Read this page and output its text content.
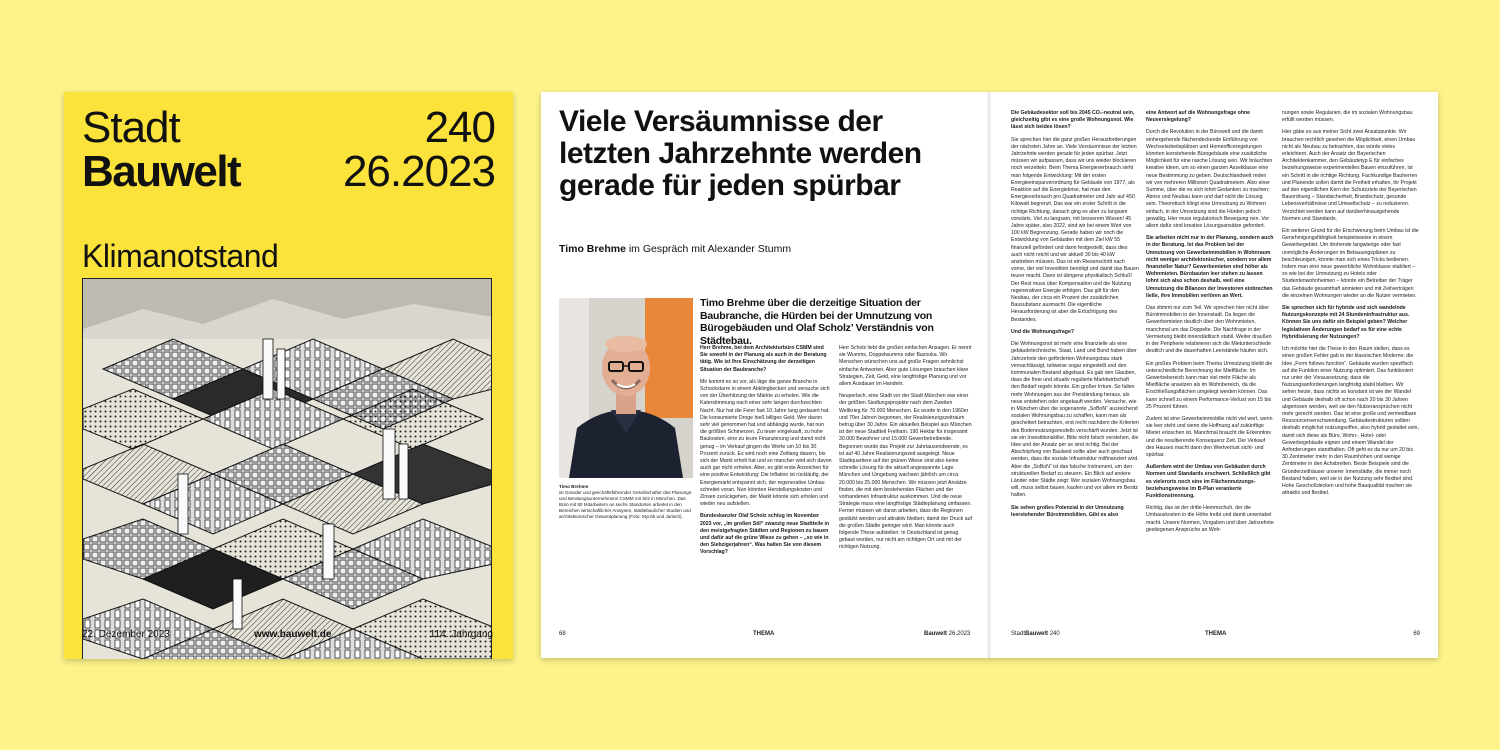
Stadt
Bauwelt
240
26.2023
Klimanotstand
22. Dezember 2023	www.bauwelt.de	114. Jahrgang
Viele Versäumnisse der letzten Jahrzehnte werden gerade für jeden spürbar
Timo Brehme im Gespräch mit Alexander Stumm
Timo Brehme
ist Gründer und geschäftsführender Gesellschafter des Planungs- und Beratungsunternehmens CSMM mit Sitz in München. Das Büro mit 80 Mitarbeitern an sechs Standorten arbeitet in den Bereichen wirtschaftlicher Analysen, städtebaulicher Studien und architektonischer Gesamtplanung (Foto: Myrzik und Jarisch).
Timo Brehme über die derzeitige Situation der Baubranche, die Hürden bei der Umnutzung von Bürogebäuden und Olaf Scholz’ Verständnis von Städtebau.

Herr Brehme, bei dem Architekturbüro CSMM sind Sie sowohl in der Planung als auch in der Beratung tätig. Wie ist Ihre Einschätzung der derzeitigen Situation der Baubranche?

Mir kommt es so vor, als läge die ganze Branche in Schockstarre in einem Abklingbecken und versuche sich von der Überhitzung der Märkte zu erholen. Wie die Katerstimmung nach einer sehr langen durchzechten Nacht. Nur hat die Feier fast 10 Jahre lang gedauert hat. Die konsumierte Droge hieß billiges Geld. Wer davon sehr viel genommen hat und abhängig wurde, hat nun die größten Schmerzen. Zu teuer eingekauft, zu hohe Baukosten, eine zu teure Finanzierung und damit nicht genug – im Verkauf gingen die Werte um 10 bis 30 Prozent zurück. Es wird noch eine Zeitlang dauern, bis sich der Markt erholt hat und so mancher wird sich davon auch gar nicht erholen. Aber, es gibt erste Anzeichen für eine positive Entwicklung: Die Inflation ist rückläufig, der Energiemarkt entspannt sich, der regenerative Umbau schreitet voran. Nun könnten Herstellungskosten und Zinsen zurückgehen, der Markt könnte sich erholen und wieder neu aufstellen.

Bundeskanzler Olaf Scholz schlug im November 2023 vor, „im großen Stil“ zwanzig neue Stadtteile in den meistgefragten Städten und Regionen zu bauen und dafür auf die grüne Wiese zu gehen – „so wie in den Siebzigerjahren“. Was halten Sie von diesem Vorschlag?

Herr Scholz liebt die großen einfachen Ansagen. Er nennt sie Wumms, Doppelwumms oder Bazooka. Wir Menschen wünschen uns auf große Fragen sehnlichst einfache Antworten. Aber gute Lösungen brauchen klare Strategien, Zeit, Geld, eine langfristige Planung und vor allem Ausdauer im Handeln.

Neuperlach, eine Stadt vor der Stadt München war einer der größten Siedlungsprojekte nach dem Zweiten Weltkrieg für 70.000 Menschen. Es wurde in den 1960er und 70er Jahren begonnen, der Realisierungszeitraum betrug über 30 Jahre. Ein aktuelles Beispiel aus München ist der neue Stadtteil Freiham. 190 Hektar für insgesamt 30.000 Bewohner und 15.000 Gewerbetreibende. Begonnen wurde das Projekt zur Jahrtausendwende, es ist auf 40 Jahre Realisierungszeit ausgelegt. Neue Stadtquartiere auf der grünen Wiese sind also keine schnelle Lösung für die aktuell angespannte Lage. München und Umgebung wachsen jährlich um circa 20.000 bis 25.000 Menschen. Wir müssen jetzt Ansätze finden, die mit dem bestehenden Flächen und der vorhandenen Infrastruktur auskommen. Und die neue Strategie muss eine langfristige Städteplanung umfassen. Ferner müssen wir daran arbeiten, dass die Regionen gestärkt werden und attraktiv bleiben, damit der Druck auf die großen Städte geringer wird. Man könnte auch folgende These aufstellen: In Deutschland ist genug gebaut worden, nur nicht am richtigen Ort und mit der richtigen Nutzung.

Die Gebäudesektor soll bis 2045 CO₂-neutral sein, gleichzeitig gibt es eine große Wohnungsnot. Wie lässt sich beides lösen?

Sie sprechen hier die ganz großen Herausforderungen der nächsten Jahre an. Viele Versäumnisse der letzten Jahrzehnte werden gerade für jeden spürbar. Jetzt müssen wir aufpassen, dass wir uns wieder blockieren noch verzetteln. Beim Thema Energieverbrauch sieht man folgende Entwicklung: Mit der ersten Energieeinsparverordnung für Gebäude von 1977, als Reaktion auf die Energiekrise, hat man den Energieverbrauch pro Quadratmeter und Jahr auf 450 Kilowatt begrenzt. Das war ein erster Schritt in die richtige Richtung, danach ging es aber zu langsam vorwärts. Viel zu langsam, mit besserem Wissen! 45 Jahre später, also 2022, sind wir bei einem Wert von 100 kW Begrenzung. Gerade haben wir noch die Entwicklung von Gebäuden mit dem Ziel kW 55 finanziell gefördert und dann festgestellt, dass dies auch nicht reicht und wir aktuell 30 bis 40 kW anstreben müssen. Das ist ein Riesenschritt nach vorne, der viel Investition benötigt und damit das Bauen teurer macht. Dann ist übrigens physikalisch Schluß! Der Rest muss über Kompensation und die Nutzung regenerativer Energie erfolgen. Das gilt für den Neubau, der circa ein Prozent der zusätzlichen Bausubstanz ausmacht. Die eigentliche Herausforderung ist aber die Ertüchtigung des Bestandes.

Und die Wohnungsfrage?

Die Wohnungsnot ist mehr eine finanzielle als eine gebäudetechnische. Staat, Land und Bund haben über Jahrzehnte den geförderten Wohnungsbau stark vernachlässigt, teilweise sogar eingestellt und den kommunalen Bestand abgebaut. Es gab den Glauben, dass die freie und situativ regulierte Marktwirtschaft den Bedarf regeln könnte. Ein großer Irrtum. So fallen mehr Wohnungen aus der Preisbindung heraus, als neue entstehen oder angekauft werden. Versuche, wie in München über die sogenannte „SoBoN“ ausreichend sozialen Wohnungsbau zu schaffen, kann man als gescheitert betrachten, erst recht nachdem die Kriterien des Bodennutzungsmodells verschärft wurden. Jetzt ist sie ein Investitionskiller. Bitte nicht falsch verstehen, die Idee und der Ansatz per se sind richtig. Bei der Abschöpfung von Bauland sollte aber auch geschaut werden, dass die soziale Infrastruktur mitfinanziert wird. Aber die „SoBoN“ ist das falsche Instrument, um den strukturellen Bedarf zu steuern. Ein Blick auf andere Länder oder Städte zeigt: Wer sozialen Wohnungsbau will, muss selbst bauen, kaufen und vor allem im Besitz halten.

Sie sehen großes Potenzial in der Umnutzung leerstehender Büroimmobilien. Gibt es also

eine Antwort auf die Wohnungsfrage ohne Neuversiegelung?

Durch die Revolution in der Bürowelt und die damit einhergehende flächendeckende Einführung von Wechselarbeitsplätzen und Homeofficeregelungen könnten leerstehende Bürogebäude eine zusätzliche Möglichkeit für eine rasche Lösung sein. Wir bräuchten kreative Ideen, um so einen ganzen Assetklasse eine neue Bestimmung zu geben. Deutschlandweit reden wir von mehreren Millionen Quadratmetern. Also einer Summe, über die es sich lohnt Gedanken zu machen: Abriss und Neubau kann und darf nicht die Lösung sein. Theoretisch klingt eine Umnutzung zu Wohnen einfach, in der Umsetzung sind die Hürden jedoch gewaltig. Hier muss regulatorisch Bewegung rein. Vor allem dafür sind kreative Lösungsansätze gefordert.

Sie arbeiten nicht nur in der Planung, sondern auch in der Beratung. Ist das Problem bei der Umnutzung von Gewerbeimmobilien in Wohnraum nicht weniger architektonischer, sondern vor allem finanzieller Natur? Gewerbemieten sind höher als Wohnmieten. Bürobauten leer stehen zu lassen lohnt sich also schon deshalb, weil eine Umnutzung die Bilanzen der Investoren einbrechen ließe, ihre Immobilien verlören an Wert.

Das stimmt nur zum Teil. Wir sprechen hier nicht über Büroimmobilien in der Innenstadt. Da liegen die Gewerbemieten deutlich über den Wohnmieten, manchmal um das Doppelte. Die Nachfrage in der Vermietung bleibt innerstädtisch stabil. Weiter draußen in der Peripherie relativieren sich die Mietunterschiede deutlich und die dauerhaften Leerstände häufen sich.

Ein großes Problem beim Thema Umnutzung bleibt die unterschiedliche Berechnung der Mietfläche. Im Gewerbebereich kann man viel mehr Fläche als Mietfläche ansetzen als im Wohnbereich, da die Erschließungsflächen umgelegt werden können. Das kann schnell zu einem Performance-Verlust von 15 bis 25 Prozent führen.

Zudem ist eine Gewerbeimmobilie nicht viel wert, wenn sie leer steht und wenn die Hoffnung auf zukünftige Mieter erloschen ist. Manchmal braucht die Erkenntnis und die resultierende Konsequenz Zeit. Der Verkauf des Hauses macht dann den Wertverlust sicht- und spürbar.

Außerdem wird der Umbau von Gebäuden durch Normen und Standards erschwert. Schließlich gibt es vielerorts noch eine im Flächennutzungs- beziehungsweise im B-Plan verankerte Funktionstrennung.

Richtig, das ist der dritte Hemmschuh, der die Umbauskosten in die Höhe treibt und damit unrentabel macht. Unsere Normen, Vorgaben und über Jahrzehnte gestiegenen Ansprüche an Woh-

nungen sowie Regularien, die im sozialen Wohnungsbau erfüllt werden müssen.

Hier gäbe es aus meiner Sicht zwei Ansatzpunkte. Wir brauchen rechtlich gesehen die Möglichkeit, einen Umbau nicht als Neubau zu betrachten, das würde vieles erleichtern. Auch der Ansatz der Bayerischen Architektenkammer, den Gebäudetyp E für einfaches beziehungsweise experimentelles Bauen einzuführen, ist ein Schritt in die richtige Richtung. Fachkundige Bauherren und Planende sollen damit die Freiheit erhalten, ihr Projekt auf den eigentlichen Kern der Schutzziele der Bayerischen Bauordnung – Standsicherheit, Brandschutz, gesunde Lebensverhältnisse und Umweltschutz – zu reduzieren. Verzichtet werden kann auf darüberhinausgehende Normen und Standards.

Ein weiterer Grund für die Erschwerung beim Umbau ist die Genehmigungsfähigkeit beispielsweise in einem Gewerbegebiet. Um drohende langwierige oder fast unmögliche Änderungen im Bebauungsplänen zu beschleunigen, könnte man sich eines Tricks bedienen. Indem man eine neue gewerbliche Wohnklasse etabliert – so wie bei der Umnutzung zu Hotels oder Studentenwohnheimen – könnte ein Betreiber der Träger das Gebäude gesamthaft anmieten und mit Zeitverträgen die einzelnen Wohnungen wieder an die Nutzer vermieten.

Sie sprechen sich für hybride und sich wandelnde Nutzungskonzepte mit 24 Stundeninfrastruktur aus. Können Sie uns dafür ein Beispiel geben? Welcher legislativen Änderungen bedarf es für eine echte Hybridisierung der Nutzungen?

Ich möchte hier die These in den Raum stellen, dass es einen großen Fehler gab in der klassischen Moderne: die Idee „Form follows function“. Gebäude wurden spezifisch auf die Funktion einer Nutzung optimiert. Das funktioniert nur unter der Voraussetzung, dass die Nutzungsanforderungen langfristig stabil bleiben. Wir sehen heute, dass nichts so konstant ist wie der Wandel und Gebäude deshalb oft schon nach 20 bis 30 Jahren abgerissen werden, weil sie den Nutzeransprüchen nicht mehr gerecht werden. Das ist eine große und vermeidbare Ressourcenverschwendung. Gebäudestrukturen sollten deshalb möglichst nutzungsoffen, also hybrid gestaltet sein, damit sich diese als Büro, Wohn-, Hotel- oder Gewerbegebäude eignen und einem Wandel der Anforderungen standhalten. Oft geht es da nur um 20 bis 30 Zentimeter mehr in den Raumhöhen und wenige Zentimeter in den Achsbreiten. Beste Beispiele sind die Gründerzeithäuser unserer Innenstädte, die immer noch Bestand haben, weil sie in der Nutzung sehr flexibel sind. Hohe Geschoßdecken und hohe Bauqualität machen sie attraktiv und flexibel.

68	THEMA	Bauwelt 26.2023	StadtBauwelt 240	THEMA	69
